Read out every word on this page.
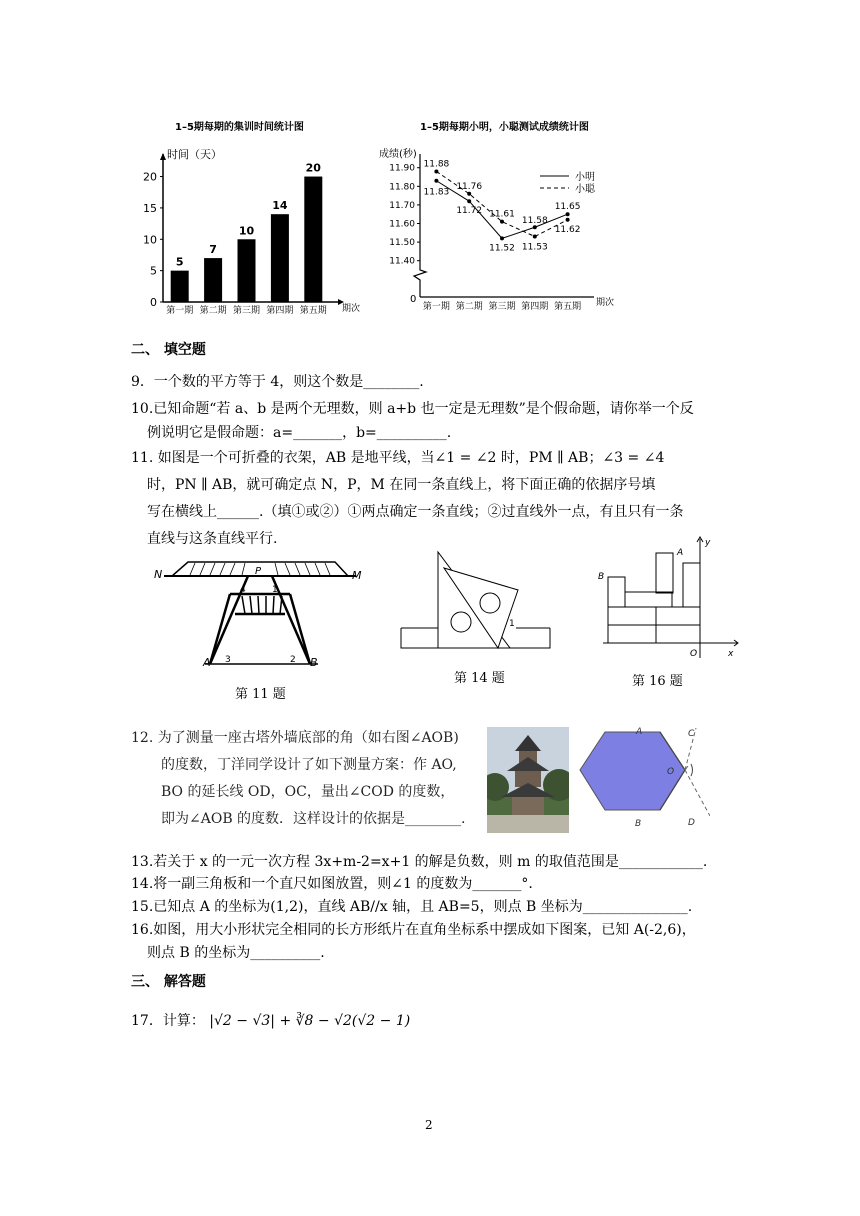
1–5期每期的集训时间统计图
时间（天）
期次
0
5
10
15
20
5
第一期
7
第二期
10
第三期
14
第四期
20
第五期
1–5期每期小明，小聪测试成绩统计图
成绩(秒)
期次
0
11.40
11.50
11.60
11.70
11.80
11.90
第一期 第二期 第三期 第四期 第五期
11.83
11.72
11.52
11.58
11.65
11.88
11.76
11.61
11.53
11.62
小明
小聪
二、 填空题
9．一个数的平方等于 4，则这个数是________.
10.已知命题“若 a、b 是两个无理数，则 a+b 也一定是无理数”是个假命题，请你举一个反
例说明它是假命题：a=_______，b=__________.
11. 如图是一个可折叠的衣架，AB 是地平线，当∠1 = ∠2 时，PM ∥ AB；∠3 = ∠4
时，PN ∥ AB，就可确定点 N，P，M 在同一条直线上，将下面正确的依据序号填
写在横线上______.（填①或②）①两点确定一条直线；②过直线外一点，有且只有一条
直线与这条直线平行.
N	M
P
4	1
A 3	2 B
第 11 题
1
第 14 题
A
B
O	x
y
第 16 题
12. 为了测量一座古塔外墙底部的角（如右图∠AOB)
的度数，丁洋同学设计了如下测量方案：作 AO,
BO 的延长线 OD，OC，量出∠COD 的度数，
即为∠AOB 的度数．这样设计的依据是________.
A
B
C
D
O
13.若关于 x 的一元一次方程 3x+m-2=x+1 的解是负数，则 m 的取值范围是____________.
14.将一副三角板和一个直尺如图放置，则∠1 的度数为_______°.
15.已知点 A 的坐标为(1,2)，直线 AB//x 轴，且 AB=5，则点 B 坐标为_______________.
16.如图，用大小形状完全相同的长方形纸片在直角坐标系中摆成如下图案，已知 A(-2,6)，
则点 B 的坐标为__________.
三、 解答题
17．计算： |√2 − √3| + ∛8 − √2(√2 − 1)
2
